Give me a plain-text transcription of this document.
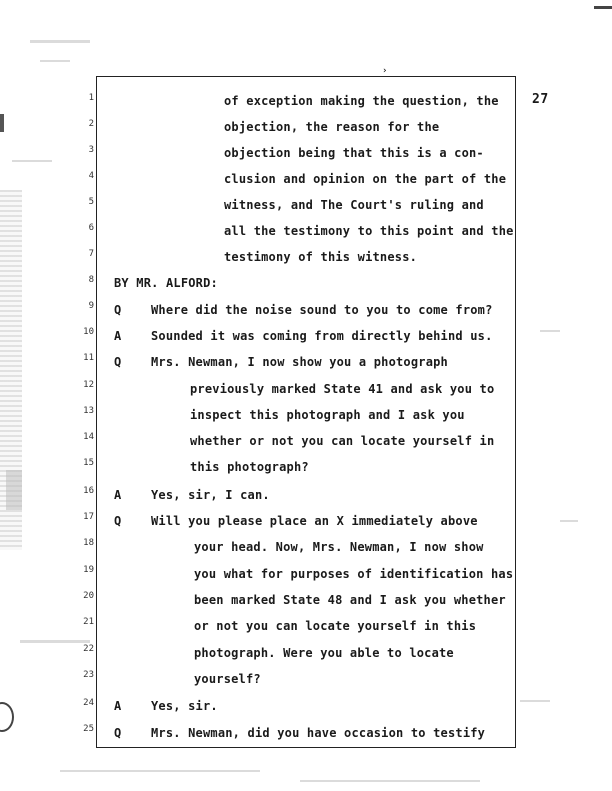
›
27
1
2
3
4
5
6
7
8
9
10
11
12
13
14
15
16
17
18
19
20
21
22
23
24
25
Q
A
Q
A
Q
A
Q
of exception making the question, the
objection, the reason for the
objection being that this is a con-
clusion and opinion on the part of the
witness, and The Court's ruling and
all the testimony to this point and the
testimony of this witness.
BY MR. ALFORD:
Where did the noise sound to you to come from?
Sounded it was coming from directly behind us.
Mrs. Newman, I now show you a photograph
previously marked State 41 and ask you to
inspect this photograph and I ask you
whether or not you can locate yourself in
this photograph?
Yes, sir, I can.
Will you please place an X immediately above
your head. Now, Mrs. Newman, I now show
you what for purposes of identification has
been marked State 48 and I ask you whether
or not you can locate yourself in this
photograph. Were you able to locate
yourself?
Yes, sir.
Mrs. Newman, did you have occasion to testify
